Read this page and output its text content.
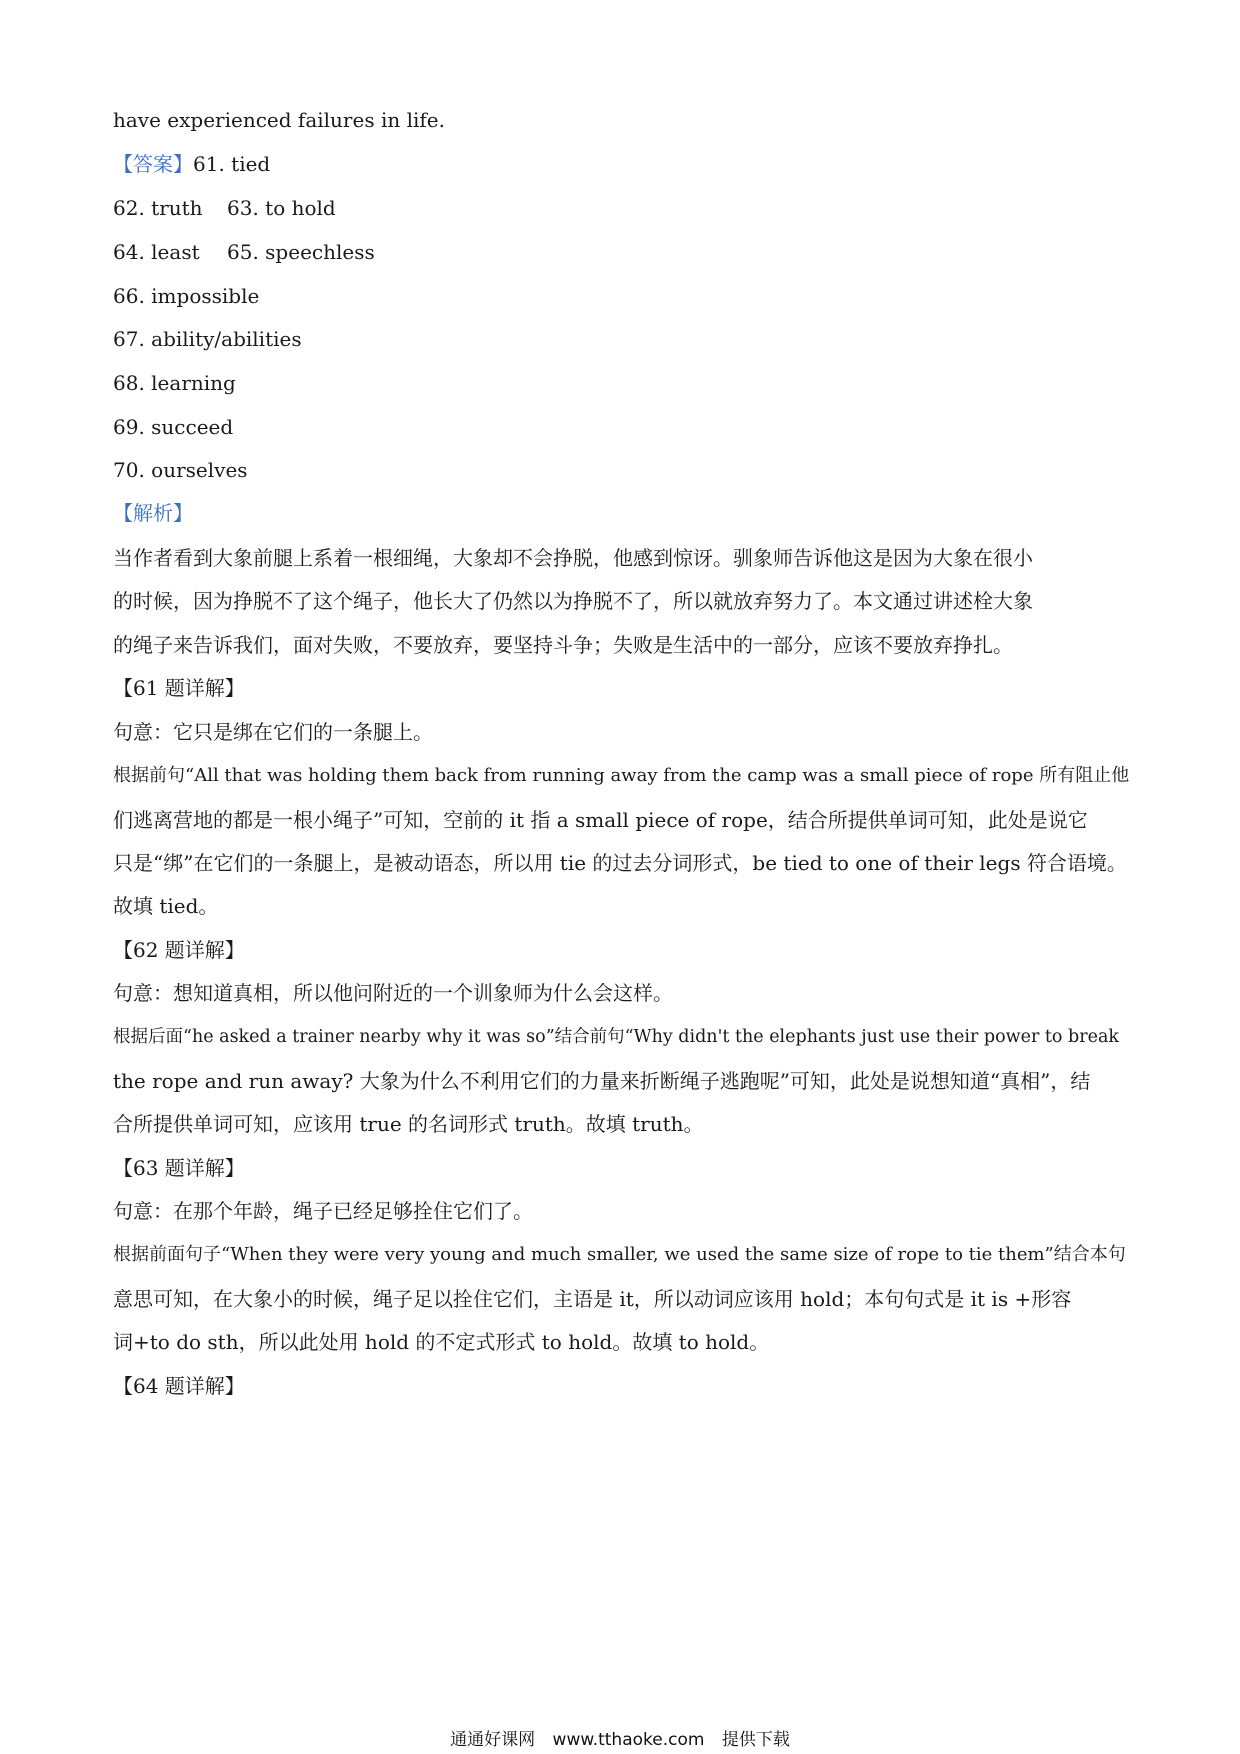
have experienced failures in life.
【答案】61. tied
62. truth 63. to hold
64. least 65. speechless
66. impossible
67. ability/abilities
68. learning
69. succeed
70. ourselves
【解析】
当作者看到大象前腿上系着一根细绳，大象却不会挣脱，他感到惊讶。驯象师告诉他这是因为大象在很小
的时候，因为挣脱不了这个绳子，他长大了仍然以为挣脱不了，所以就放弃努力了。本文通过讲述栓大象
的绳子来告诉我们，面对失败，不要放弃，要坚持斗争；失败是生活中的一部分，应该不要放弃挣扎。
【61 题详解】
句意：它只是绑在它们的一条腿上。
根据前句“All that was holding them back from running away from the camp was a small piece of rope 所有阻止他
们逃离营地的都是一根小绳子”可知，空前的 it 指 a small piece of rope，结合所提供单词可知，此处是说它
只是“绑”在它们的一条腿上，是被动语态，所以用 tie 的过去分词形式，be tied to one of their legs 符合语境。
故填 tied。
【62 题详解】
句意：想知道真相，所以他问附近的一个训象师为什么会这样。
根据后面“he asked a trainer nearby why it was so”结合前句“Why didn't the elephants just use their power to break
the rope and run away? 大象为什么不利用它们的力量来折断绳子逃跑呢”可知，此处是说想知道“真相”，结
合所提供单词可知，应该用 true 的名词形式 truth。故填 truth。
【63 题详解】
句意：在那个年龄，绳子已经足够拴住它们了。
根据前面句子“When they were very young and much smaller, we used the same size of rope to tie them”结合本句
意思可知，在大象小的时候，绳子足以拴住它们，主语是 it，所以动词应该用 hold；本句句式是 it is +形容
词+to do sth，所以此处用 hold 的不定式形式 to hold。故填 to hold。
【64 题详解】
通通好课网 www.tthaoke.com 提供下载
